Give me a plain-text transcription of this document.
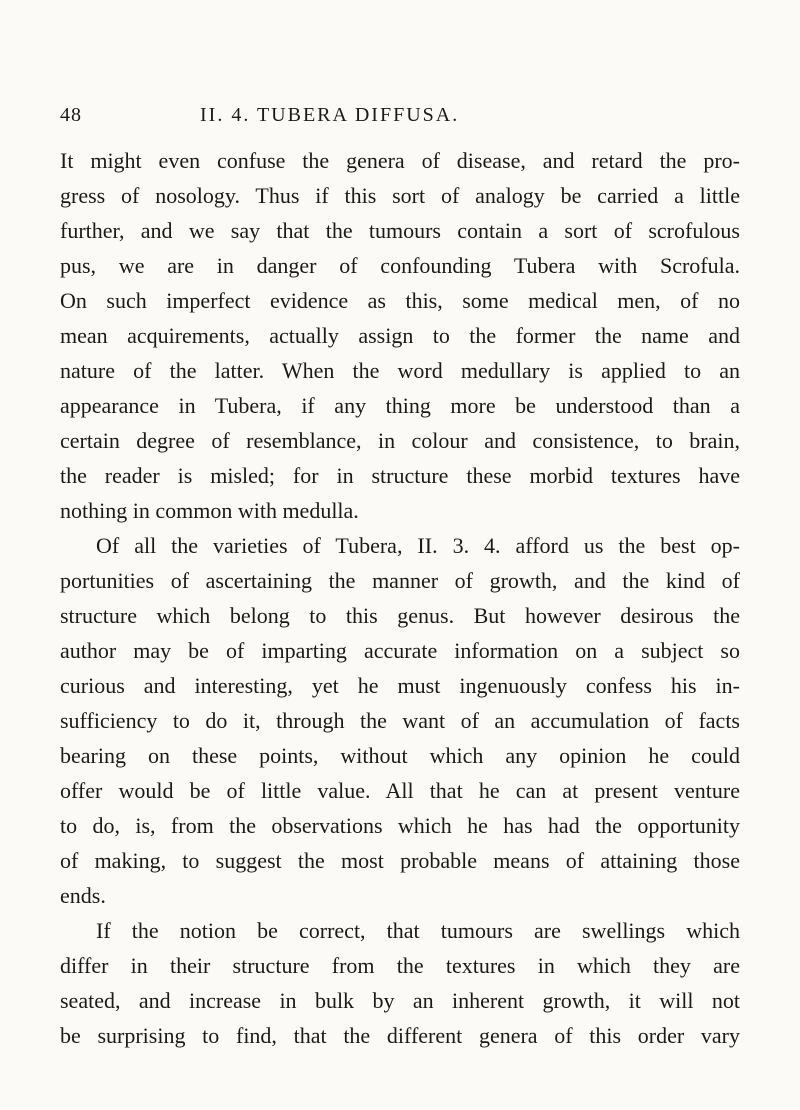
48	II. 4. TUBERA DIFFUSA.
It might even confuse the genera of disease, and retard the pro-
gress of nosology. Thus if this sort of analogy be carried a little
further, and we say that the tumours contain a sort of scrofulous
pus, we are in danger of confounding Tubera with Scrofula.
On such imperfect evidence as this, some medical men, of no
mean acquirements, actually assign to the former the name and
nature of the latter. When the word medullary is applied to an
appearance in Tubera, if any thing more be understood than a
certain degree of resemblance, in colour and consistence, to brain,
the reader is misled; for in structure these morbid textures have
nothing in common with medulla.
Of all the varieties of Tubera, II. 3. 4. afford us the best op-
portunities of ascertaining the manner of growth, and the kind of
structure which belong to this genus. But however desirous the
author may be of imparting accurate information on a subject so
curious and interesting, yet he must ingenuously confess his in-
sufficiency to do it, through the want of an accumulation of facts
bearing on these points, without which any opinion he could
offer would be of little value. All that he can at present venture
to do, is, from the observations which he has had the opportunity
of making, to suggest the most probable means of attaining those
ends.
If the notion be correct, that tumours are swellings which
differ in their structure from the textures in which they are
seated, and increase in bulk by an inherent growth, it will not
be surprising to find, that the different genera of this order vary
